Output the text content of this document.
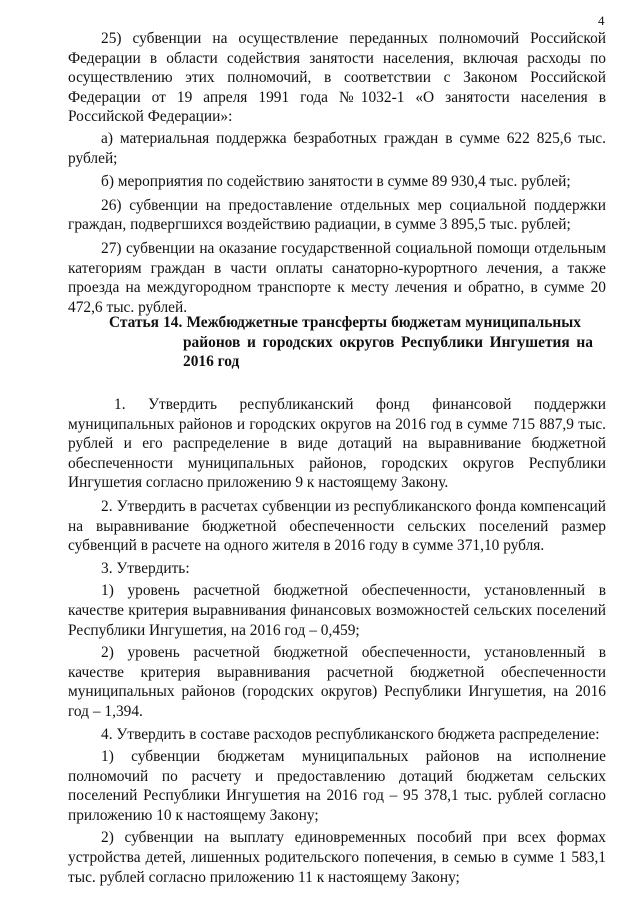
4

25) субвенции на осуществление переданных полномочий Российской Федерации в области содействия занятости населения, включая расходы по осуществлению этих полномочий, в соответствии с Законом Российской Федерации от 19 апреля 1991 года №1032-1 «О занятости населения в Российской Федерации»:

а) материальная поддержка безработных граждан в сумме 622 825,6 тыс. рублей;

б) мероприятия по содействию занятости в сумме 89 930,4 тыс. рублей;

26) субвенции на предоставление отдельных мер социальной поддержки граждан, подвергшихся воздействию радиации, в сумме 3 895,5 тыс. рублей;

27) субвенции на оказание государственной социальной помощи отдельным категориям граждан в части оплаты санаторно-курортного лечения, а также проезда на междугородном транспорте к месту лечения и обратно, в сумме 20 472,6 тыс. рублей.

Статья 14. Межбюджетные трансферты бюджетам муниципальных

районов и городских округов Республики Ингушетия на

2016 год

1. Утвердить республиканский фонд финансовой поддержки муниципальных районов и городских округов на 2016 год в сумме 715 887,9 тыс. рублей и его распределение в виде дотаций на выравнивание бюджетной обеспеченности муниципальных районов, городских округов Республики Ингушетия согласно приложению 9 к настоящему Закону.

2. Утвердить в расчетах субвенции из республиканского фонда компенсаций на выравнивание бюджетной обеспеченности сельских поселений размер субвенций в расчете на одного жителя в 2016 году в сумме 371,10 рубля.

3. Утвердить:

1) уровень расчетной бюджетной обеспеченности, установленный в качестве критерия выравнивания финансовых возможностей сельских поселений Республики Ингушетия, на 2016 год – 0,459;

2) уровень расчетной бюджетной обеспеченности, установленный в качестве критерия выравнивания расчетной бюджетной обеспеченности муниципальных районов (городских округов) Республики Ингушетия, на 2016 год – 1,394.

4. Утвердить в составе расходов республиканского бюджета распределение:

1) субвенции бюджетам муниципальных районов на исполнение полномочий по расчету и предоставлению дотаций бюджетам сельских поселений Республики Ингушетия на 2016 год – 95 378,1 тыс. рублей согласно приложению 10 к настоящему Закону;

2) субвенции на выплату единовременных пособий при всех формах устройства детей, лишенных родительского попечения, в семью в сумме 1 583,1 тыс. рублей согласно приложению 11 к настоящему Закону;
